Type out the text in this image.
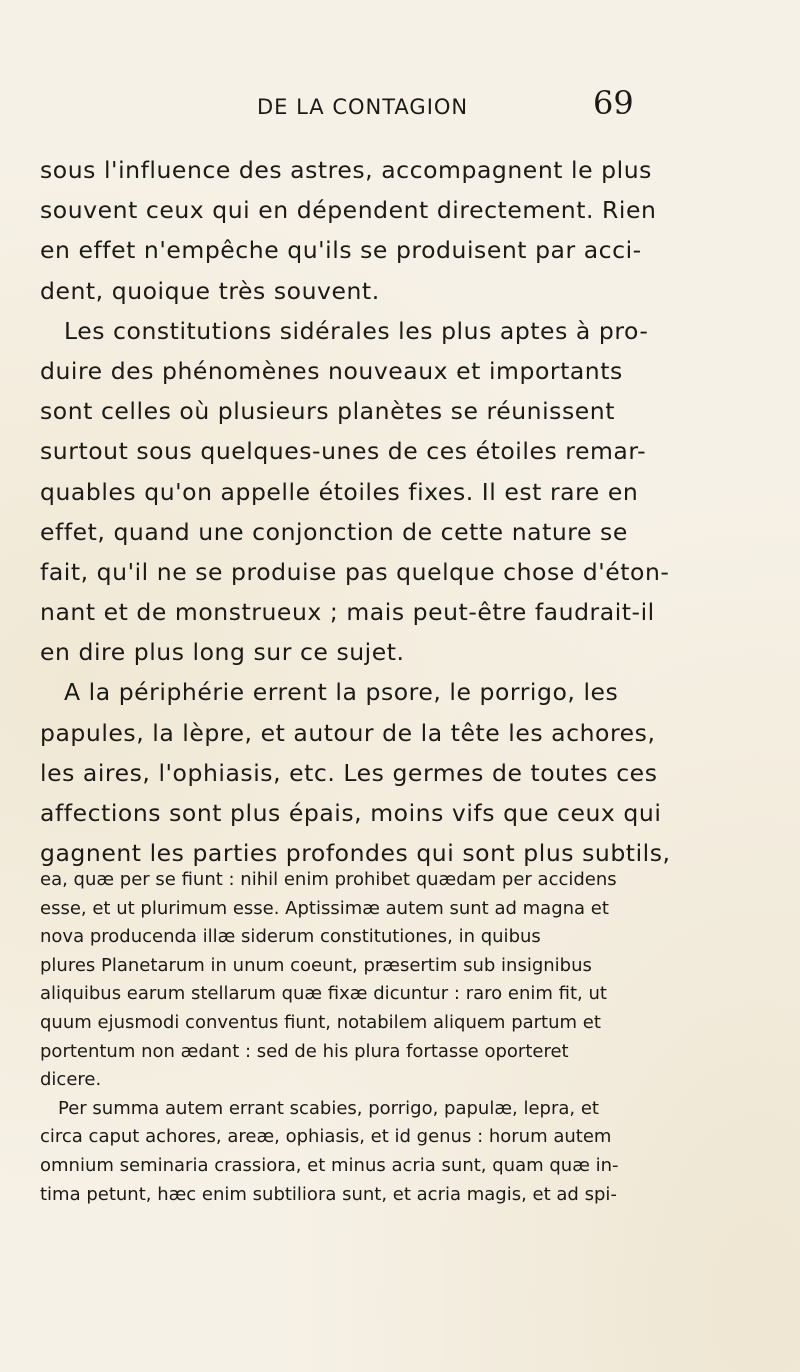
DE LA CONTAGION	69
sous l'influence des astres, accompagnent le plus
souvent ceux qui en dépendent directement. Rien
en effet n'empêche qu'ils se produisent par acci-
dent, quoique très souvent.
Les constitutions sidérales les plus aptes à pro-
duire des phénomènes nouveaux et importants
sont celles où plusieurs planètes se réunissent
surtout sous quelques-unes de ces étoiles remar-
quables qu'on appelle étoiles fixes. Il est rare en
effet, quand une conjonction de cette nature se
fait, qu'il ne se produise pas quelque chose d'éton-
nant et de monstrueux ; mais peut-être faudrait-il
en dire plus long sur ce sujet.
A la périphérie errent la psore, le porrigo, les
papules, la lèpre, et autour de la tête les achores,
les aires, l'ophiasis, etc. Les germes de toutes ces
affections sont plus épais, moins vifs que ceux qui
gagnent les parties profondes qui sont plus subtils,
ea, quæ per se fiunt : nihil enim prohibet quædam per accidens
esse, et ut plurimum esse. Aptissimæ autem sunt ad magna et
nova producenda illæ siderum constitutiones, in quibus
plures Planetarum in unum coeunt, præsertim sub insignibus
aliquibus earum stellarum quæ fixæ dicuntur : raro enim fit, ut
quum ejusmodi conventus fiunt, notabilem aliquem partum et
portentum non ædant : sed de his plura fortasse oporteret
dicere.
Per summa autem errant scabies, porrigo, papulæ, lepra, et
circa caput achores, areæ, ophiasis, et id genus : horum autem
omnium seminaria crassiora, et minus acria sunt, quam quæ in-
tima petunt, hæc enim subtiliora sunt, et acria magis, et ad spi-
